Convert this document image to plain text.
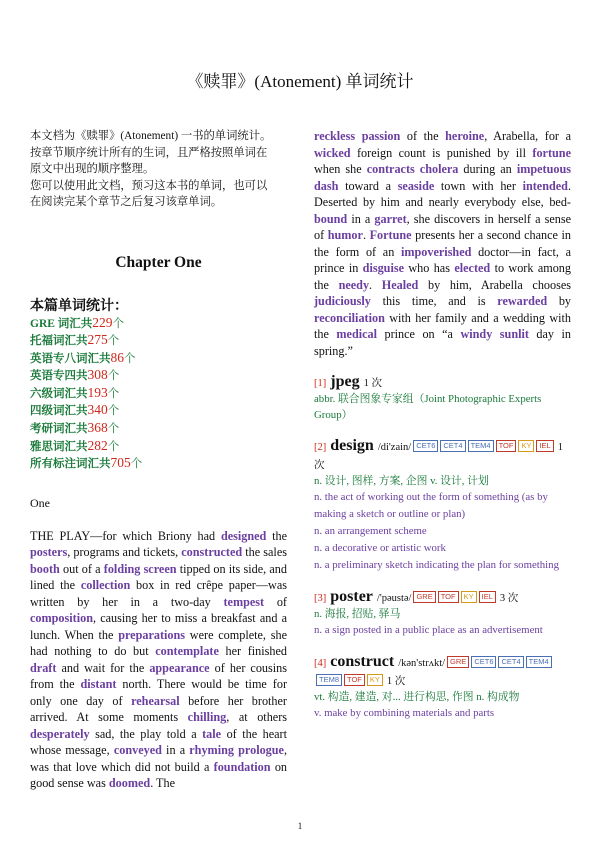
《赎罪》(Atonement) 单词统计

本文档为《赎罪》(Atonement) 一书的单词统计。

按章节顺序统计所有的生词，且严格按照单词在

原文中出现的顺序整理。

您可以使用此文档，预习这本书的单词，也可以

在阅读完某个章节之后复习该章单词。

Chapter One
本篇单词统计：
GRE 词汇共229个
托福词汇共275个
英语专八词汇共86个
英语专四共308个
六级词汇共193个
四级词汇共340个
考研词汇共368个
雅思词汇共282个
所有标注词汇共705个
One
THE PLAY—for which Briony had designed the posters, programs and tickets, constructed the sales booth out of a folding screen tipped on its side, and lined the collection box in red crêpe paper—was written by her in a two-day tempest of composition, causing her to miss a breakfast and a lunch. When the preparations were complete, she had nothing to do but contemplate her finished draft and wait for the appearance of her cousins from the distant north. There would be time for only one day of rehearsal before her brother arrived. At some moments chilling, at others desperately sad, the play told a tale of the heart whose message, conveyed in a rhyming prologue, was that love which did not build a foundation on good sense was doomed. The
reckless passion of the heroine, Arabella, for a wicked foreign count is punished by ill fortune when she contracts cholera during an impetuous dash toward a seaside town with her intended. Deserted by him and nearly everybody else, bed-bound in a garret, she discovers in herself a sense of humor. Fortune presents her a second chance in the form of an impoverished doctor—in fact, a prince in disguise who has elected to work among the needy. Healed by him, Arabella chooses judiciously this time, and is rewarded by reconciliation with her family and a wedding with the medical prince on “a windy sunlit day in spring.”
[1] jpeg 1 次
abbr. 联合图象专家组（Joint Photographic Experts Group）
[2] design /di'zain/ CET6 CET4 TEM4 TOF KY IEL 1 次
n. 设计, 图样, 方案, 企图 v. 设计, 计划
n. the act of working out the form of something (as by making a sketch or outline or plan)
n. an arrangement scheme
n. a decorative or artistic work
n. a preliminary sketch indicating the plan for something
[3] poster /'pəustə/ GRE TOF KY IEL 3 次
n. 海报, 招贴, 驿马
n. a sign posted in a public place as an advertisement
[4] construct /kən'strʌkt/ GRE CET6 CET4 TEM4TEM8 TOF KY 1 次
vt. 构造, 建造, 对... 进行构思, 作图 n. 构成物
v. make by combining materials and parts
1
